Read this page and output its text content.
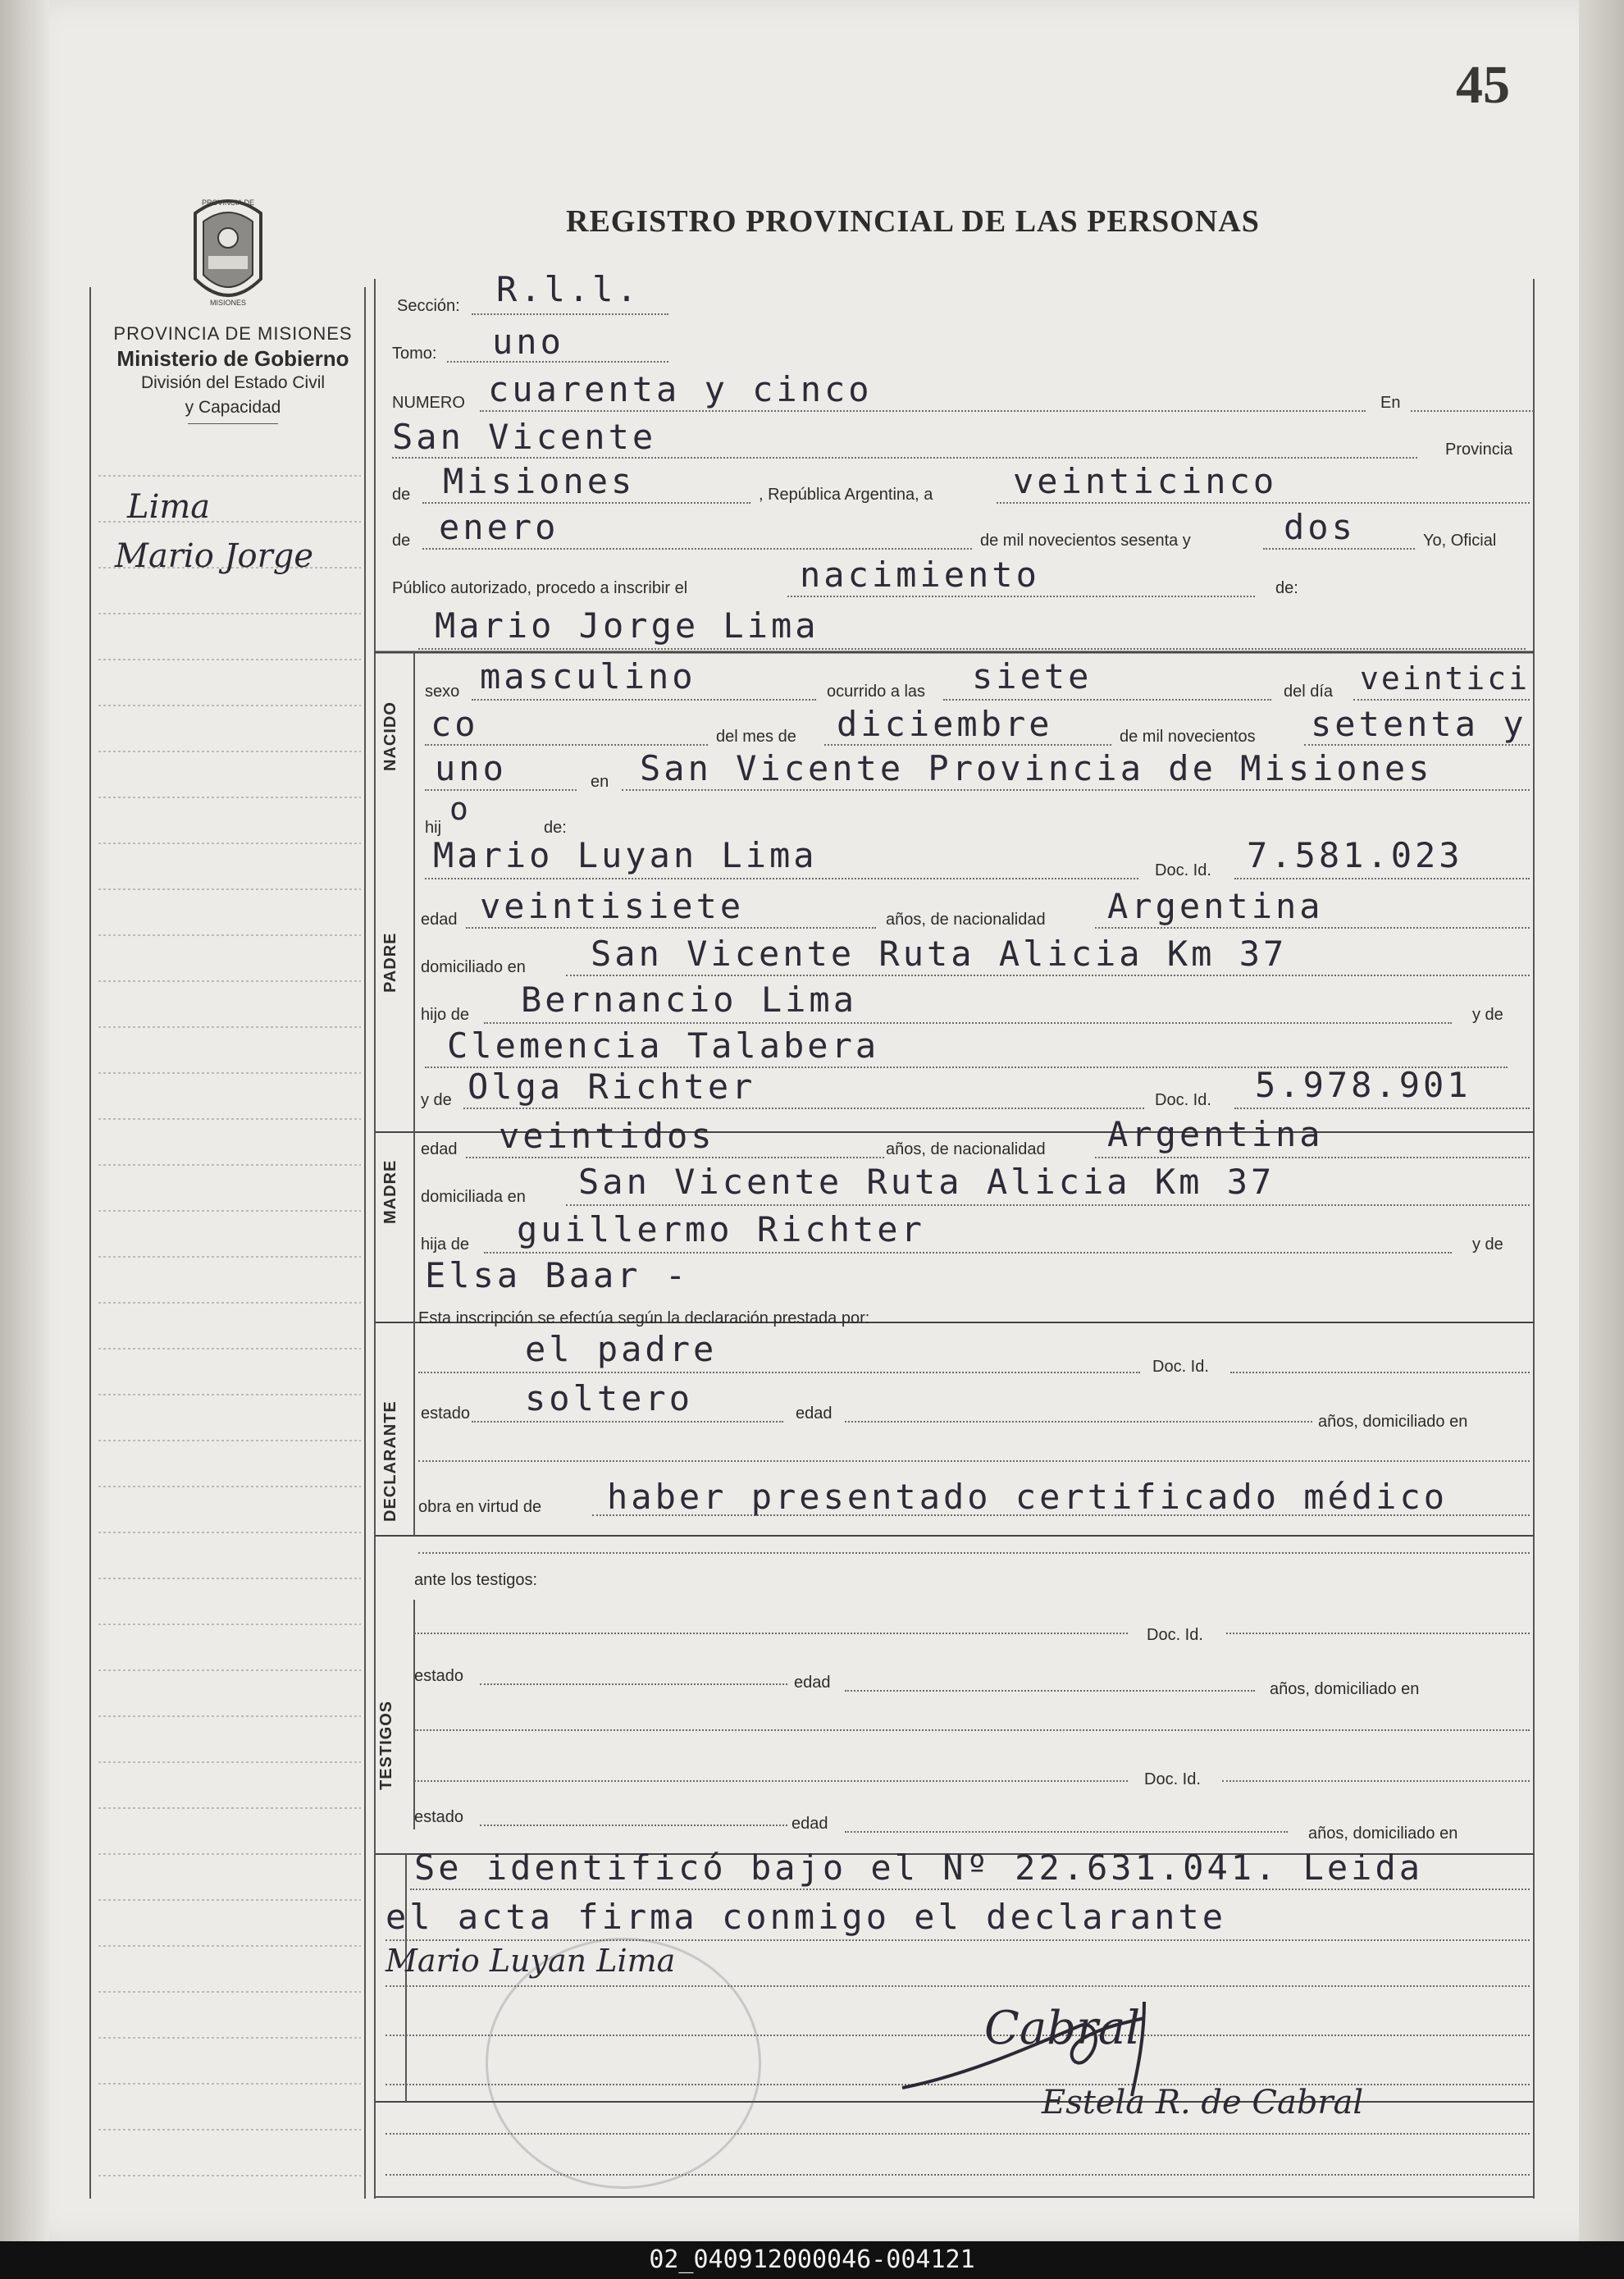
45
PROVINCIA DE
MISIONES
REGISTRO PROVINCIAL DE LAS PERSONAS
PROVINCIA DE MISIONES
Ministerio de Gobierno
División del Estado Civil
y Capacidad
NACIDO
PADRE
MADRE
DECLARANTE
TESTIGOS
Lima
Mario Jorge
Sección: R.l.l.
Tomo: uno
NUMERO cuarenta y cinco	En
San Vicente	Provincia
de Misiones	, República Argentina, a veinticinco
de enero	de mil novecientos sesenta y	dos	Yo, Oficial
Público autorizado, procedo a inscribir el	nacimiento	de:
Mario Jorge Lima
sexo masculino	ocurrido a las siete	del día veintici
co	del mes de diciembre	de mil novecientos setenta y
uno	en San Vicente Provincia de Misiones
hij
o
de:
Mario Luyan Lima	Doc. Id. 7.581.023
edad veintisiete	años, de nacionalidad Argentina
domiciliado en San Vicente Ruta Alicia Km 37
hijo de Bernancio Lima	y de
Clemencia Talabera
y de Olga Richter	Doc. Id. 5.978.901
edad veintidos	años, de nacionalidad Argentina
domiciliada en San Vicente Ruta Alicia Km 37
hija de guillermo Richter	y de
Elsa Baar -
Esta inscripción se efectúa según la declaración prestada por:
el padre	Doc. Id.
estado soltero	edad	años, domiciliado en
obra en virtud de haber presentado certificado médico
ante los testigos:
Doc. Id.
estado	edad	años, domiciliado en
Doc. Id.
estado	edad
años, domiciliado en
Se identificó bajo el Nº 22.631.041. Leida
el acta firma conmigo el declarante
Mario Luyan Lima
Cabral
Estela R. de Cabral
02_040912000046-004121
